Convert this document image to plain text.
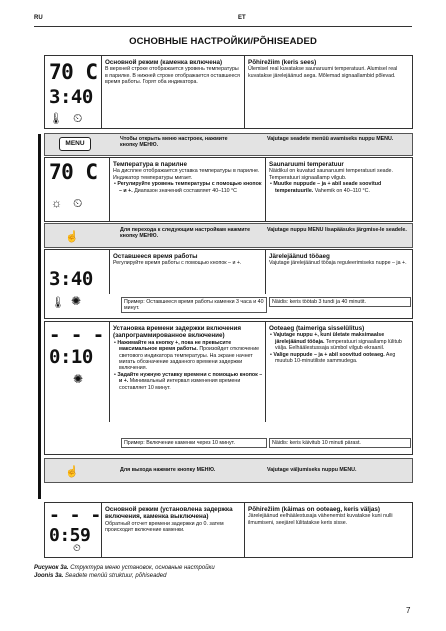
RU	ET
ОСНОВНЫЕ НАСТРОЙКИ/PÕHISEADED
70 C
3:40
🌡 ⏲
Основной режим (каменка включена)
В верхней строке отображается уровень температуры в парилке. В нижней строке отображается оставшееся время работы. Горят оба индикатора.
Põhirežiim (keris sees)
Ülemisel real kuvatakse saunaruumi temperatuuri. Alumisel real kuvatakse järelejäänud aega. Mõlemad signaallambid põlevad.
MENU
Чтобы открыть меню настроек, нажмите кнопку МЕНЮ.
Vajutage seadete menüü avamiseks nuppu MENU.
70 C
☼ ⏲
Температура в парилне
На дисплее отображается уставка температуры в парилне. Индикатор температуры мигает.
• Регулируйте уровень температуры с помощью кнопок – и +. Диапазон значений составляет 40–110 °C
Saunaruumi temperatuur
Näidikul on kuvatud saunaruumi temperatuuri seade. Temperatuuri signaallamp vilgub.
• Muutke nuppude – ja + abil seade soovitud temperatuurile. Vahemik on 40–110 °C.
☝
Для перехода к следующим настройкам нажмите кнопку МЕНЮ.
Vajutage nuppu MENU lisapääsuks järgmise-le seadele.
3:40
🌡 ✺
Оставшееся время работы
Регулируйте время работы с помощью кнопок – и +.
Järelejäänud tööaeg
Vajutage järelejäänud tööaja reguleerimiseks nuppe – ja +.
Пример: Оставшееся время работы каменки 3 часа и 40 минут.
Näidis: keris töötab 3 tundi ja 40 minutit.
- - -
0:10
✺
Установка времени задержки включения (запрограммированное включение)
• Нажимайте на кнопку +, пока не превысите максимальное время работы. Произойдет отключение светового индикатора температуры. На экране начнет мигать обозначение заданного времени задержки включения.
• Задайте нужную уставку времени с помощью кнопок – и +. Минимальный интервал изменения времени составляет 10 минут.
Ooteaeg (taimeriga sisselülitus)
• Vajutage nuppu +, kuni ületate maksimaalse järelejäänud tööaja. Temperatuuri signaallamp lülitub välja. Eelhäälestussaja sümbol vilgub ekraanil.
• Valige nuppude – ja + abil soovitud ooteaeg. Aeg muutub 10-minutiliste sammudega.
Пример: Включение каменки через 10 минут.	Näidis: keris käivitub 10 minuti pärast.
☝	Для выхода нажмите кнопку МЕНЮ.	Vajutage väljumiseks nuppu MENU.
- - -
0:59
⏲
Основной режим (установлена задержка включения, каменка выключена)
Обратный отсчет времени задержки до 0. затем происходит включение каменки.
Põhirežiim (käimas on ooteaeg, keris väljas)
Järelejäänud eelhäälestusaja vähenemist kuvatakse kuni nulli ilmumiseni, seejärel lülitatakse keris sisse.
Рисунок 3a. Структура меню установок, основные настройки
Joonis 3a. Seadete menüü struktuur, põhiseaded
7
